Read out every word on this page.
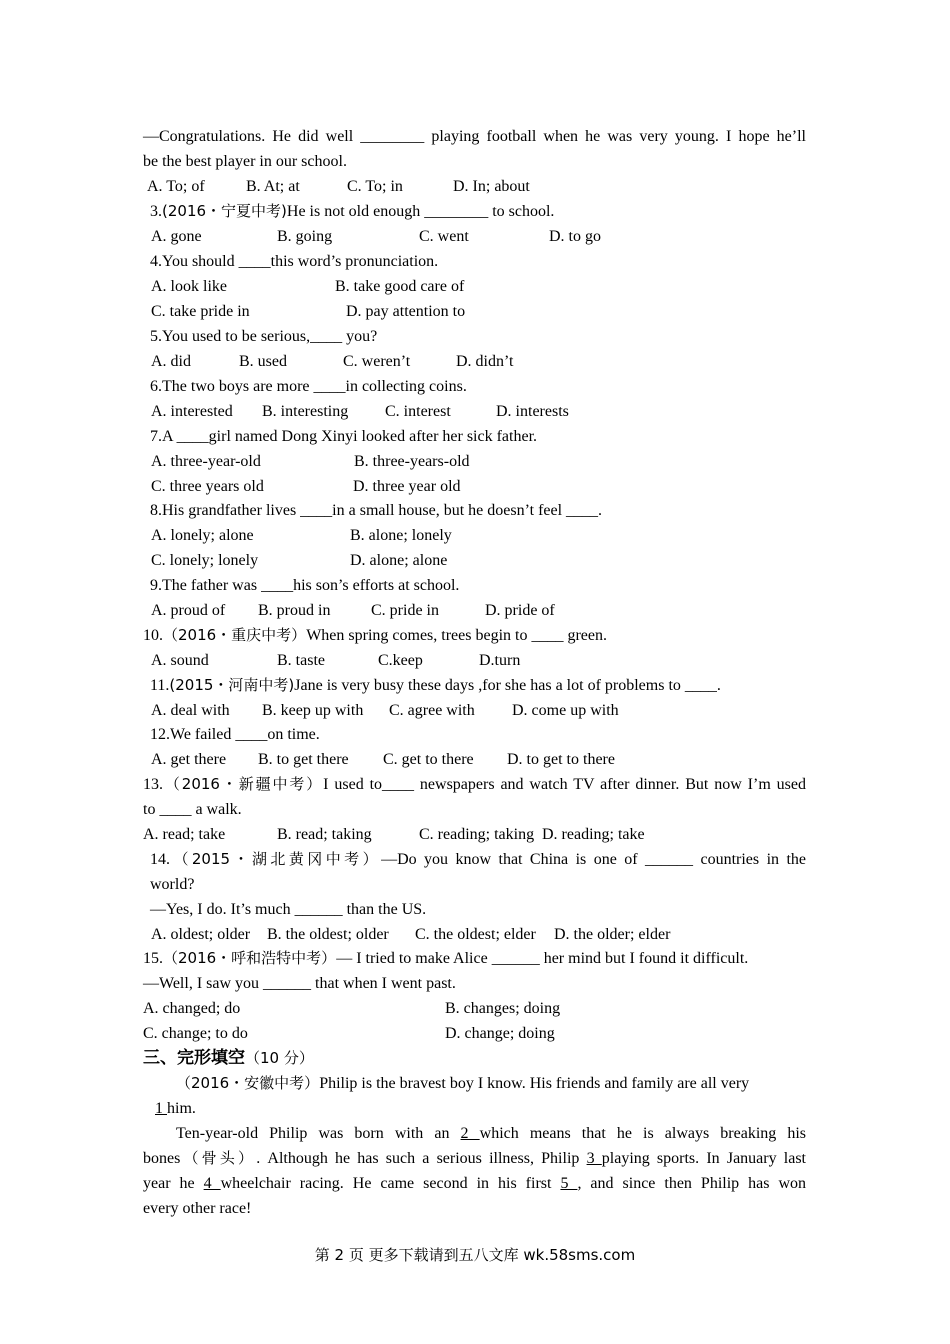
—Congratulations. He did well ________ playing football when he was very young. I hope he’ll
be the best player in our school.
A. To; of	B. At; at	C. To; in	D. In; about
3.(2016・宁夏中考)He is not old enough ________ to school.
A. gone	B. going	C. went	D. to go
4.You should ____this word’s pronunciation.
A. look like	B. take good care of
C. take pride in	D. pay attention to
5.You used to be serious,____ you?
A. did	B. used	C. weren’t	D. didn’t
6.The two boys are more ____in collecting coins.
A. interested B. interesting C. interest	D. interests
7.A ____girl named Dong Xinyi looked after her sick father.
A. three-year-old	B. three-years-old
C. three years old	D. three year old
8.His grandfather lives ____in a small house, but he doesn’t feel ____.
A. lonely; alone	B. alone; lonely
C. lonely; lonely	D. alone; alone
9.The father was ____his son’s efforts at school.
A. proud of B. proud in	C. pride in	D. pride of
10.（2016・重庆中考）When spring comes, trees begin to ____ green.
A. sound	B. taste	C.keep	D.turn
11.(2015・河南中考)Jane is very busy these days ,for she has a lot of problems to ____.
A. deal with B. keep up with C. agree with D. come up with
12.We failed ____on time.
A. get there B. to get there C. get to there D. to get to there
13.（2016・新疆中考）I used to____ newspapers and watch TV after dinner. But now I’m used
to ____ a walk.
A. read; take	B. read; taking	C. reading; taking D. reading; take
14.（2015・湖北黄冈中考）—Do you know that China is one of ______ countries in the
world?
—Yes, I do. It’s much ______ than the US.
A. oldest; older B. the oldest; older C. the oldest; elder D. the older; elder
15.（2016・呼和浩特中考）— I tried to make Alice ______ her mind but I found it difficult.
—Well, I saw you ______ that when I went past.
A. changed; do	B. changes; doing
C. change; to do	D. change; doing
三、完形填空（10 分）
（2016・安徽中考）Philip is the bravest boy I know. His friends and family are all very
1 him.
Ten-year-old Philip was born with an 2 which means that he is always breaking his
bones（骨头）. Although he has such a serious illness, Philip 3 playing sports. In January last
year he 4 wheelchair racing. He came second in his first 5 , and since then Philip has won
every other race!
第 2 页 更多下载请到五八文库 wk.58sms.com
